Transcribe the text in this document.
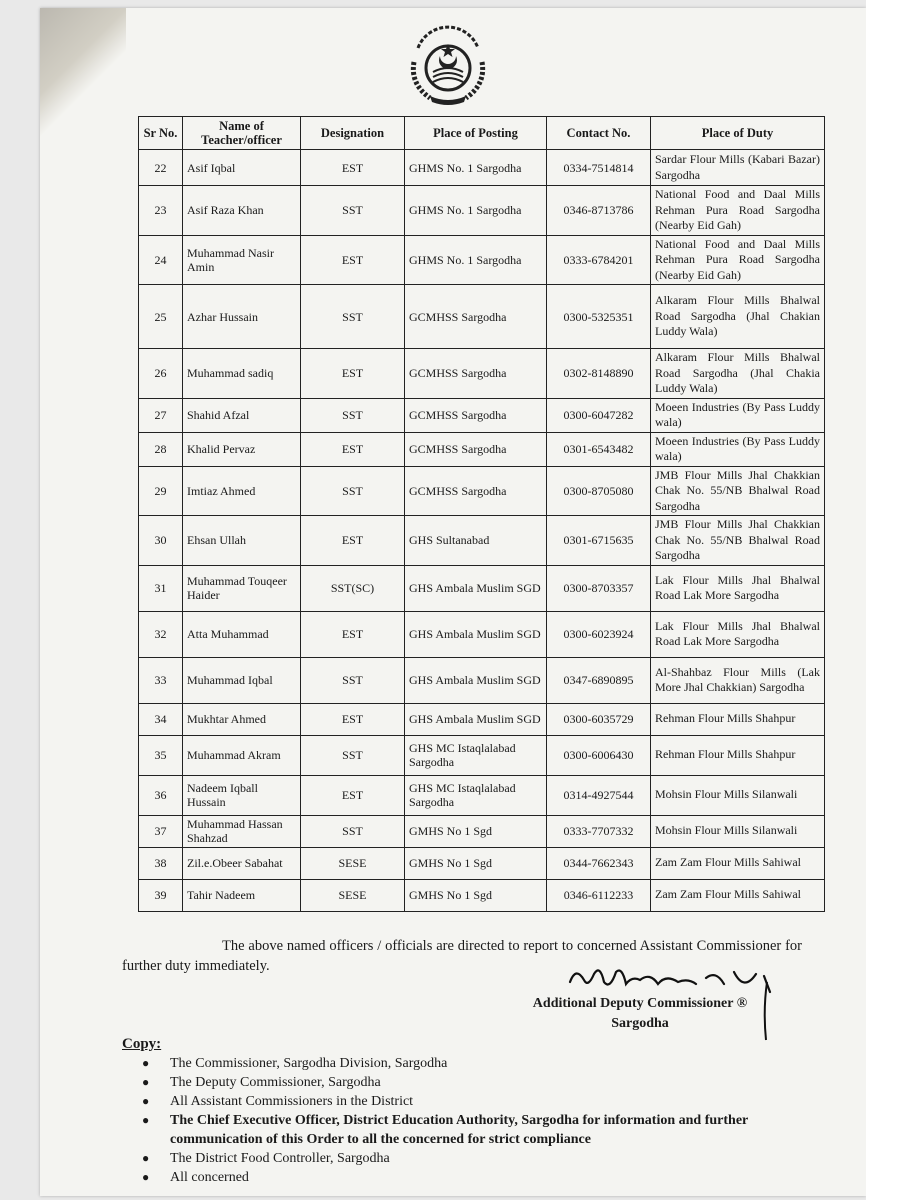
Sr No.	Name of Teacher/officer	Designation	Place of Posting	Contact No.	Place of Duty
22	Asif Iqbal	EST	GHMS No. 1 Sargodha	0334-7514814	Sardar Flour Mills (Kabari Bazar) Sargodha
23	Asif Raza Khan	SST	GHMS No. 1 Sargodha	0346-8713786	National Food and Daal Mills Rehman Pura Road Sargodha (Nearby Eid Gah)
24	Muhammad Nasir Amin	EST	GHMS No. 1 Sargodha	0333-6784201	National Food and Daal Mills Rehman Pura Road Sargodha (Nearby Eid Gah)
25	Azhar Hussain	SST	GCMHSS Sargodha	0300-5325351	Alkaram Flour Mills Bhalwal Road Sargodha (Jhal Chakian Luddy Wala)
26	Muhammad sadiq	EST	GCMHSS Sargodha	0302-8148890	Alkaram Flour Mills Bhalwal Road Sargodha (Jhal Chakia Luddy Wala)
27	Shahid Afzal	SST	GCMHSS Sargodha	0300-6047282	Moeen Industries (By Pass Luddy wala)
28	Khalid Pervaz	EST	GCMHSS Sargodha	0301-6543482	Moeen Industries (By Pass Luddy wala)
29	Imtiaz Ahmed	SST	GCMHSS Sargodha	0300-8705080	JMB Flour Mills Jhal Chakkian Chak No. 55/NB Bhalwal Road Sargodha
30	Ehsan Ullah	EST	GHS Sultanabad	0301-6715635	JMB Flour Mills Jhal Chakkian Chak No. 55/NB Bhalwal Road Sargodha
31	Muhammad Touqeer Haider	SST(SC)	GHS Ambala Muslim SGD	0300-8703357	Lak Flour Mills Jhal Bhalwal Road Lak More Sargodha
32	Atta Muhammad	EST	GHS Ambala Muslim SGD	0300-6023924	Lak Flour Mills Jhal Bhalwal Road Lak More Sargodha
33	Muhammad Iqbal	SST	GHS Ambala Muslim SGD	0347-6890895	Al-Shahbaz Flour Mills (Lak More Jhal Chakkian) Sargodha
34	Mukhtar Ahmed	EST	GHS Ambala Muslim SGD	0300-6035729	Rehman Flour Mills Shahpur
35	Muhammad Akram	SST	GHS MC Istaqlalabad Sargodha	0300-6006430	Rehman Flour Mills Shahpur
36	Nadeem Iqball Hussain	EST	GHS MC Istaqlalabad Sargodha	0314-4927544	Mohsin Flour Mills Silanwali
37	Muhammad Hassan Shahzad	SST	GMHS No 1 Sgd	0333-7707332	Mohsin Flour Mills Silanwali
38	Zil.e.Obeer Sabahat	SESE	GMHS No 1 Sgd	0344-7662343	Zam Zam Flour Mills Sahiwal
39	Tahir Nadeem	SESE	GMHS No 1 Sgd	0346-6112233	Zam Zam Flour Mills Sahiwal
The above named officers / officials are directed to report to concerned Assistant Commissioner for further duty immediately.
Additional Deputy Commissioner ®
Sargodha
Copy:
● The Commissioner, Sargodha Division, Sargodha
● The Deputy Commissioner, Sargodha
● All Assistant Commissioners in the District
● The Chief Executive Officer, District Education Authority, Sargodha for information and further communication of this Order to all the concerned for strict compliance
● The District Food Controller, Sargodha
● All concerned
